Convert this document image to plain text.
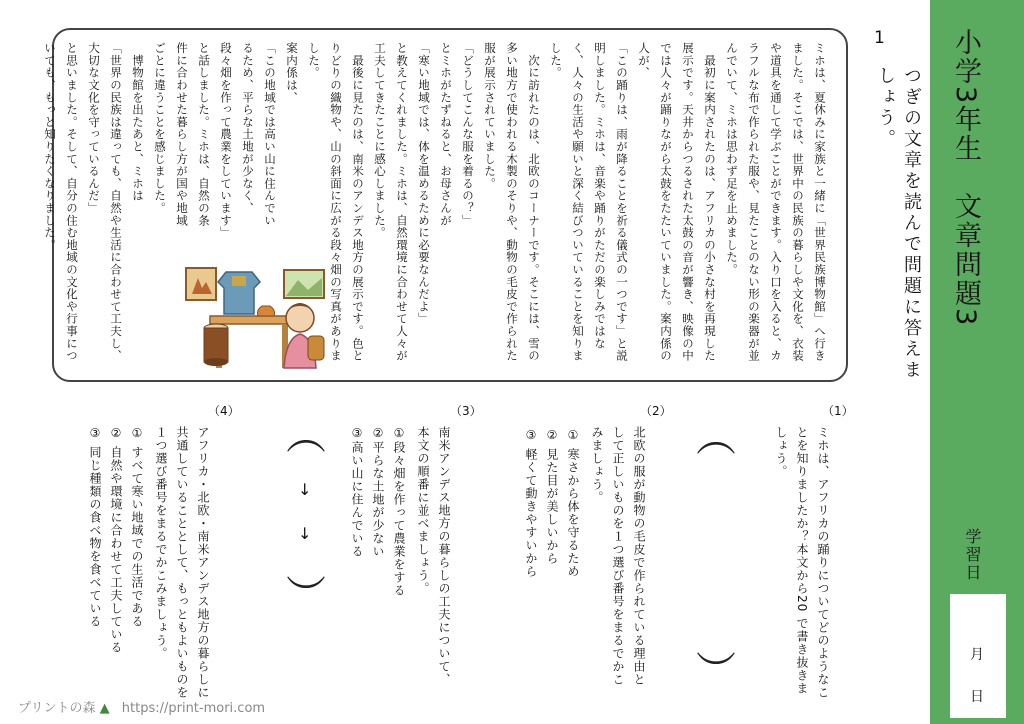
小学3年生　文章問題3
学習日
月
日
1
つぎの文章を読んで問題に答えましょう。
ミホは、夏休みに家族と一緒に「世界民族博物館」へ行き
ました。そこでは、世界中の民族の暮らしや文化を、衣装
や道具を通して学ぶことができます。入り口を入ると、カ
ラフルな布で作られた服や、見たことのない形の楽器が並
んでいて、ミホは思わず足を止めました。
　最初に案内されたのは、アフリカの小さな村を再現した
展示です。天井からつるされた太鼓の音が響き、映像の中
では人々が踊りながら太鼓をたたいていました。案内係の
人が、
「この踊りは、雨が降ることを祈る儀式の一つです」と説
明しました。ミホは、音楽や踊りがただの楽しみではな
く、人々の生活や願いと深く結びついていることを知りま
した。
　次に訪れたのは、北欧のコーナーです。そこには、雪の
多い地方で使われる木製のそりや、動物の毛皮で作られた
服が展示されていました。
「どうしてこんな服を着るの？」
とミホがたずねると、お母さんが
「寒い地域では、体を温めるために必要なんだよ」
と教えてくれました。ミホは、自然環境に合わせて人々が
工夫してきたことに感心しました。
　最後に見たのは、南米のアンデス地方の展示です。色と
りどりの織物や、山の斜面に広がる段々畑の写真がありま
した。
案内係は、
「この地域では高い山に住んでい
るため、平らな土地が少なく、
段々畑を作って農業をしています」
と話しました。ミホは、自然の条
件に合わせた暮らし方が国や地域
ごとに違うことを感じました。
　博物館を出たあと、ミホは
「世界の民族は違っても、自然や生活に合わせて工夫し、
大切な文化を守っているんだ」
と思いました。そして、自分の住む地域の文化や行事につ
いても、もっと知りたくなりました。
（1）
ミホは、アフリカの踊りについてどのようなこ
とを知りましたか？本文から20 で書き抜きま
しょう。
︵
︶
（2）
北欧の服が動物の毛皮で作られている理由と
して正しいものを１つ選び番号をまるでかこ
みましょう。
① 寒さから体を守るため
② 見た目が美しいから
③ 軽くて動きやすいから
（3）
南米アンデス地方の暮らしの工夫について、
本文の順番に並べましょう。
①段々畑を作って農業をする
②平らな土地が少ない
③高い山に住んでいる
︵
↓
↓
︶
（4）
アフリカ・北欧・南米アンデス地方の暮らしに
共通していることとして、もっともよいものを
１つ選び番号をまるでかこみましょう。
① すべて寒い地域での生活である
② 自然や環境に合わせて工夫している
③ 同じ種類の食べ物を食べている
プリントの森 ▲ https://print-mori.com
